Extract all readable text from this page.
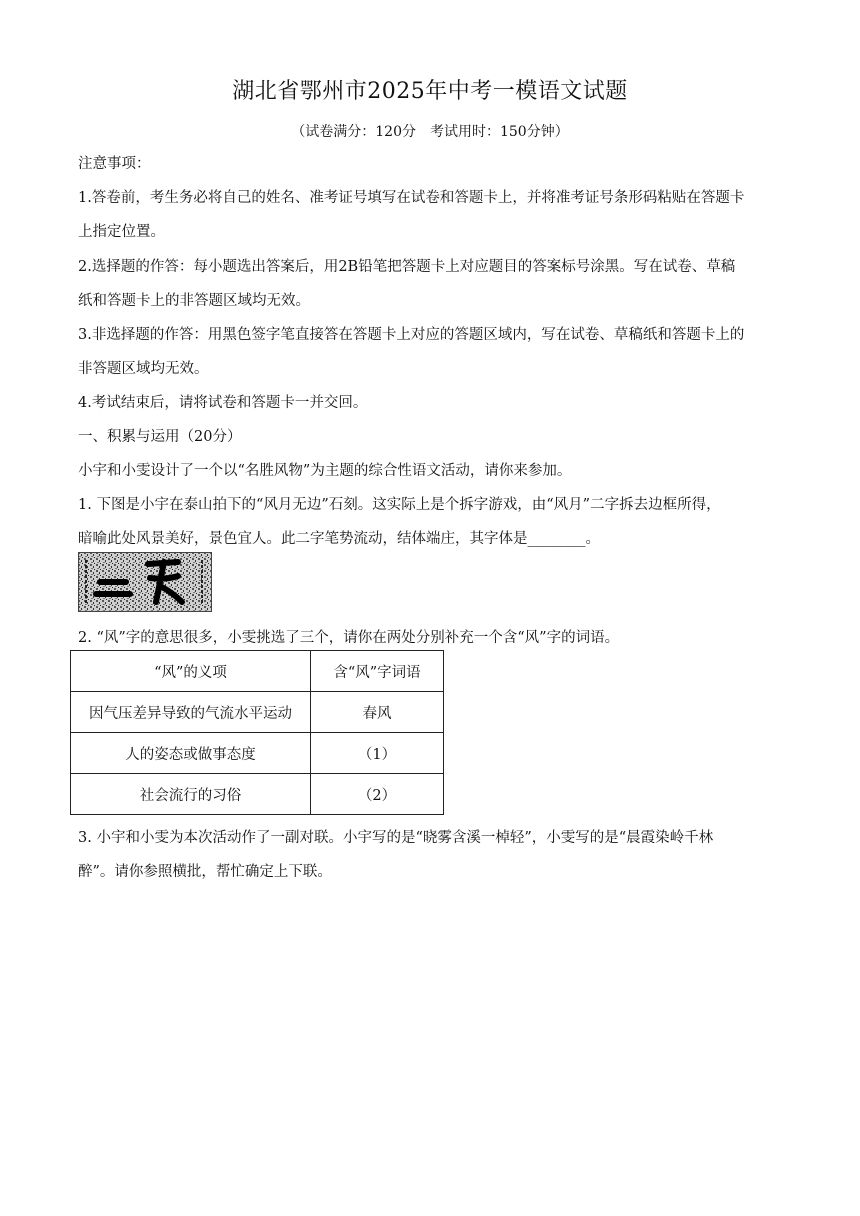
湖北省鄂州市2025年中考一模语文试题
（试卷满分：120分　考试用时：150分钟）
注意事项：
1.答卷前，考生务必将自己的姓名、准考证号填写在试卷和答题卡上，并将准考证号条形码粘贴在答题卡
上指定位置。
2.选择题的作答：每小题选出答案后，用2B铅笔把答题卡上对应题目的答案标号涂黑。写在试卷、草稿
纸和答题卡上的非答题区域均无效。
3.非选择题的作答：用黑色签字笔直接答在答题卡上对应的答题区域内，写在试卷、草稿纸和答题卡上的
非答题区域均无效。
4.考试结束后，请将试卷和答题卡一并交回。
一、积累与运用（20分）
小宇和小雯设计了一个以“名胜风物”为主题的综合性语文活动，请你来参加。
1. 下图是小宇在泰山拍下的“风月无边”石刻。这实际上是个拆字游戏，由“风月”二字拆去边框所得，
暗喻此处风景美好，景色宜人。此二字笔势流动，结体端庄，其字体是________。
2. “风”字的意思很多，小雯挑选了三个，请你在两处分别补充一个含“风”字的词语。
“风”的义项	含“风”字词语
因气压差异导致的气流水平运动	春风
人的姿态或做事态度	（1）
社会流行的习俗	（2）
3. 小宇和小雯为本次活动作了一副对联。小宇写的是“晓雾含溪一棹轻”，小雯写的是“晨霞染岭千林
醉”。请你参照横批，帮忙确定上下联。
